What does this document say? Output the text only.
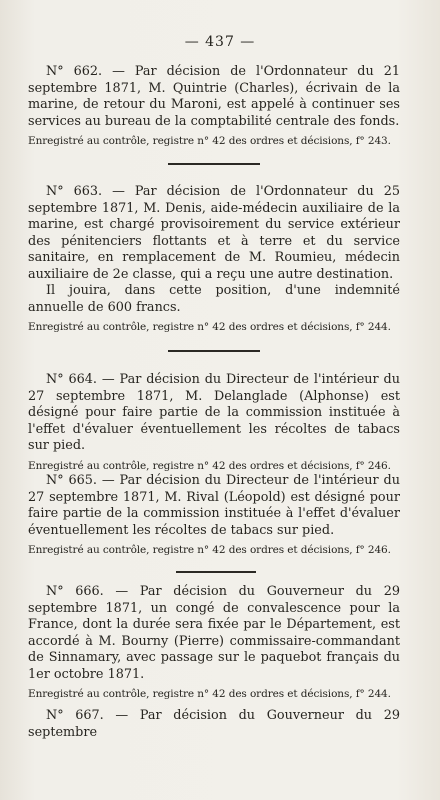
— 437 —

N° 662. — Par décision de l'Ordonnateur du 21 septembre 1871, M. Quintrie (Charles), écrivain de la marine, de retour du Maroni, est appelé à continuer ses services au bureau de la comptabilité centrale des fonds.

Enregistré au contrôle, registre n° 42 des ordres et décisions, f° 243.

N° 663. — Par décision de l'Ordonnateur du 25 septembre 1871, M. Denis, aide-médecin auxiliaire de la marine, est chargé provisoirement du service extérieur des pénitenciers flottants et à terre et du service sanitaire, en remplacement de M. Roumieu, médecin auxiliaire de 2e classe, qui a reçu une autre destination.

Il jouira, dans cette position, d'une indemnité annuelle de 600 francs.

Enregistré au contrôle, registre n° 42 des ordres et décisions, f° 244.

N° 664. — Par décision du Directeur de l'intérieur du 27 septembre 1871, M. Delanglade (Alphonse) est désigné pour faire partie de la commission instituée à l'effet d'évaluer éventuellement les récoltes de tabacs sur pied.

Enregistré au contrôle, registre n° 42 des ordres et décisions, f° 246.

N° 665. — Par décision du Directeur de l'intérieur du 27 septembre 1871, M. Rival (Léopold) est désigné pour faire partie de la commission instituée à l'effet d'évaluer éventuellement les récoltes de tabacs sur pied.

Enregistré au contrôle, registre n° 42 des ordres et décisions, f° 246.

N° 666. — Par décision du Gouverneur du 29 septembre 1871, un congé de convalescence pour la France, dont la durée sera fixée par le Département, est accordé à M. Bourny (Pierre) commissaire-commandant de Sinnamary, avec passage sur le paquebot français du 1er octobre 1871.

Enregistré au contrôle, registre n° 42 des ordres et décisions, f° 244.

N° 667. — Par décision du Gouverneur du 29 septembre
